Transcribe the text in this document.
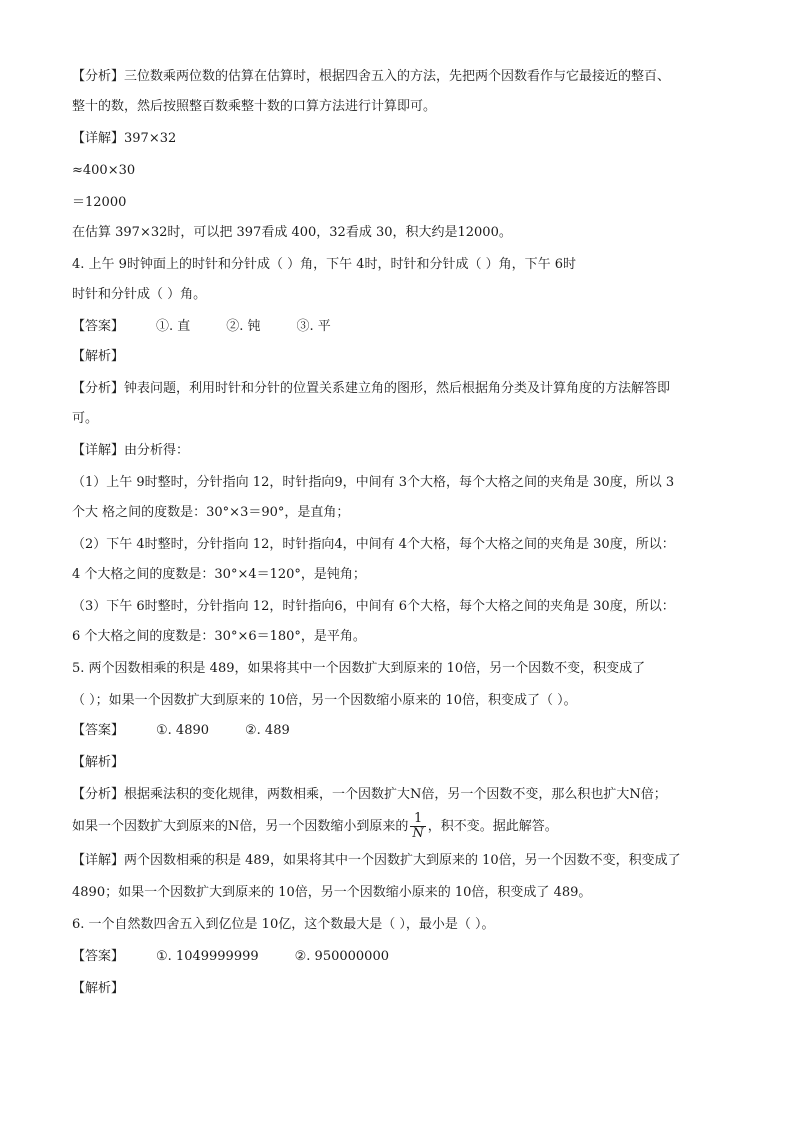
【分析】三位数乘两位数的估算在估算时，根据四舍五入的方法，先把两个因数看作与它最接近的整百、
整十的数，然后按照整百数乘整十数的口算方法进行计算即可。
【详解】397×32
≈400×30
＝12000
在估算 397×32时，可以把 397看成 400，32看成 30，积大约是12000。
4. 上午 9时钟面上的时针和分针成（ ）角，下午 4时，时针和分针成（ ）角，下午 6时
时针和分针成（ ）角。
【答案】 ①. 直	②. 钝	③. 平
【解析】
【分析】钟表问题，利用时针和分针的位置关系建立角的图形，然后根据角分类及计算角度的方法解答即
可。
【详解】由分析得：
（1）上午 9时整时，分针指向 12，时针指向9，中间有 3个大格，每个大格之间的夹角是 30度，所以 3
个大 格之间的度数是：30°×3＝90°，是直角；
（2）下午 4时整时，分针指向 12，时针指向4，中间有 4个大格，每个大格之间的夹角是 30度，所以：
4 个大格之间的度数是：30°×4＝120°，是钝角；
（3）下午 6时整时，分针指向 12，时针指向6，中间有 6个大格，每个大格之间的夹角是 30度，所以：
6 个大格之间的度数是：30°×6＝180°，是平角。
5. 两个因数相乘的积是 489，如果将其中一个因数扩大到原来的 10倍，另一个因数不变，积变成了
（ ）；如果一个因数扩大到原来的 10倍，另一个因数缩小原来的 10倍，积变成了（ ）。
【答案】 ①. 4890	②. 489
【解析】
【分析】根据乘法积的变化规律，两数相乘，一个因数扩大N倍，另一个因数不变，那么积也扩大N倍；
如果一个因数扩大到原来的N倍，另一个因数缩小到原来的 $\frac{1}{N}$ ，积不变。据此解答。
【详解】两个因数相乘的积是 489，如果将其中一个因数扩大到原来的 10倍，另一个因数不变，积变成了
4890；如果一个因数扩大到原来的 10倍，另一个因数缩小原来的 10倍，积变成了 489。
6. 一个自然数四舍五入到亿位是 10亿，这个数最大是（ ），最小是（ ）。
【答案】 ①. 1049999999	②. 950000000
【解析】
